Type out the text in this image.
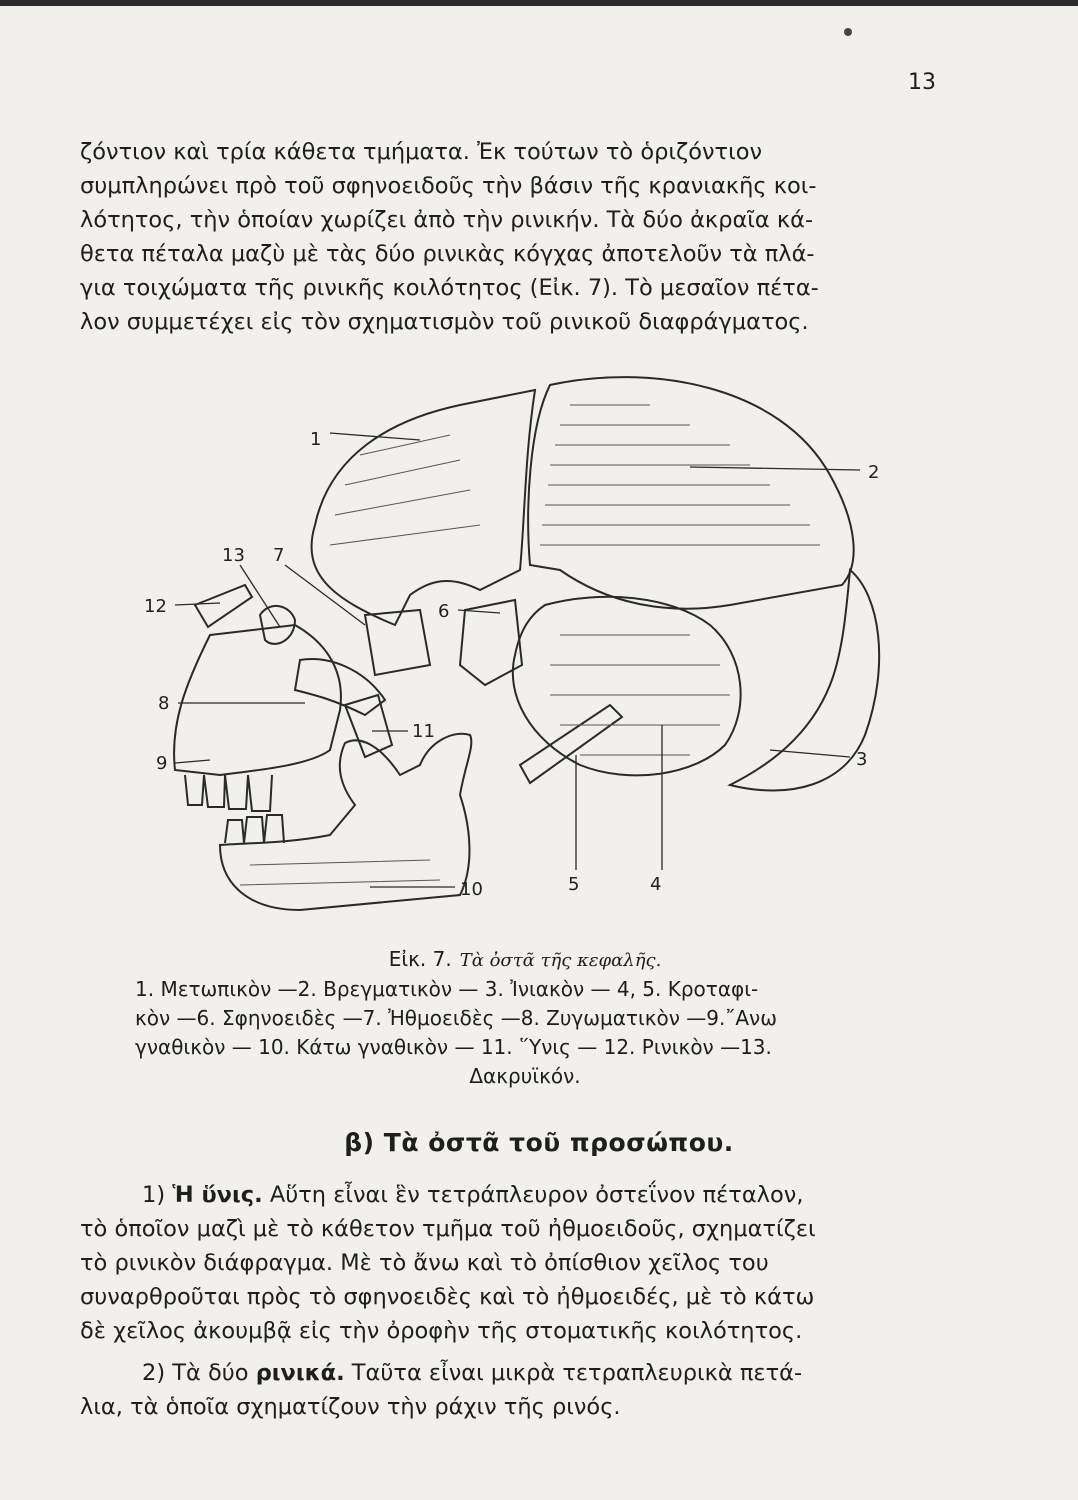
13

ζόντιον καὶ τρία κάθετα τμήματα. Ἐκ τούτων τὸ ὁριζόντιον
συμπληρώνει πρὸ τοῦ σφηνοειδοῦς τὴν βάσιν τῆς κρανιακῆς κοι-
λότητος, τὴν ὁποίαν χωρίζει ἀπὸ τὴν ρινικήν. Τὰ δύο ἀκραῖα κά-
θετα πέταλα μαζὺ μὲ τὰς δύο ρινικὰς κόγχας ἀποτελοῦν τὰ πλά-
για τοιχώματα τῆς ρινικῆς κοιλότητος (Εἰκ. 7). Τὸ μεσαῖον πέτα-
λον συμμετέχει εἰς τὸν σχηματισμὸν τοῦ ρινικοῦ διαφράγματος.

1
2
3
4
5
6
7
8
9
10
11
12
13
Εἰκ. 7. Τὰ ὀστᾶ τῆς κεφαλῆς.
1. Μετωπικὸν —2. Βρεγματικὸν — 3. Ἰνιακὸν — 4, 5. Κροταφι-
κὸν —6. Σφηνοειδὲς —7. Ἠθμοειδὲς —8. Ζυγωματικὸν —9.῎Ανω
γναθικὸν — 10. Κάτω γναθικὸν — 11. ῞Υνις — 12. Ρινικὸν —13.
Δακρυϊκόν.
β) Τὰ ὀστᾶ τοῦ προσώπου.

1) Ἡ ὕνις. Αὕτη εἶναι ἓν τετράπλευρον ὀστεΐνον πέταλον,
τὸ ὁποῖον μαζὶ μὲ τὸ κάθετον τμῆμα τοῦ ἠθμοειδοῦς, σχηματίζει
τὸ ρινικὸν διάφραγμα. Μὲ τὸ ἄνω καὶ τὸ ὀπίσθιον χεῖλος του
συναρθροῦται πρὸς τὸ σφηνοειδὲς καὶ τὸ ἠθμοειδές, μὲ τὸ κάτω
δὲ χεῖλος ἀκουμβᾷ εἰς τὴν ὀροφὴν τῆς στοματικῆς κοιλότητος.

2) Τὰ δύο ρινικά. Ταῦτα εἶναι μικρὰ τετραπλευρικὰ πετά-
λια, τὰ ὁποῖα σχηματίζουν τὴν ράχιν τῆς ρινός.
